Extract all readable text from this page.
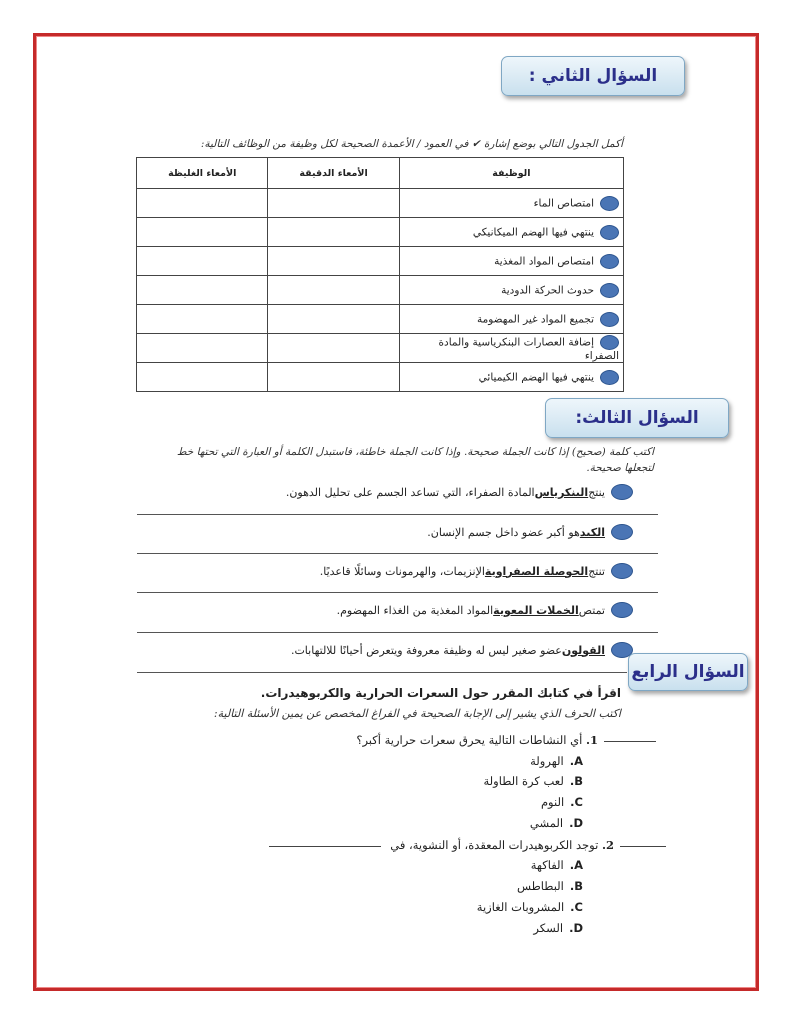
السؤال الثاني :
أكمل الجدول التالي بوضع إشارة ✔ في العمود / الأعمدة الصحيحة لكل وظيفة من الوظائف التالية:
الوظيفة	الأمعاء الدقيقة	الأمعاء الغليظة
امتصاص الماء		
ينتهي فيها الهضم الميكانيكي		
امتصاص المواد المغذية		
حدوث الحركة الدودية		
تجميع المواد غير المهضومة		
إضافة العصارات البنكرياسية والمادة الصفراء		
ينتهي فيها الهضم الكيميائي		
السؤال الثالث:
اكتب كلمة (صحيح) إذا كانت الجملة صحيحة. وإذا كانت الجملة خاطئة، فاستبدل الكلمة أو العبارة التي تحتها خط
لتجعلها صحيحة.
ينتج
البنكرياس
المادة الصفراء، التي تساعد الجسم على تحليل الدهون.
الكبد
هو أكبر عضو داخل جسم الإنسان.
تنتج
الحوصلة الصفراوية
الإنزيمات، والهرمونات وسائلًا قاعديًا.
تمتص
الخملات المعوية
المواد المغذية من الغذاء المهضوم.
القولون
عضو صغير ليس له وظيفة معروفة ويتعرض أحيانًا للالتهابات.
السؤال الرابع
اقرأ في كتابك المقرر حول السعرات الحرارية والكربوهيدرات.
اكتب الحرف الذي يشير إلى الإجابة الصحيحة في الفراغ المخصص عن يمين الأسئلة التالية:
1. أي النشاطات التالية يحرق سعرات حرارية أكبر؟
A.الهرولة
B.لعب كرة الطاولة
C.النوم
D.المشي
2. توجد الكربوهيدرات المعقدة، أو النشوية، في
A.الفاكهة
B.البطاطس
C.المشروبات الغازية
D.السكر
